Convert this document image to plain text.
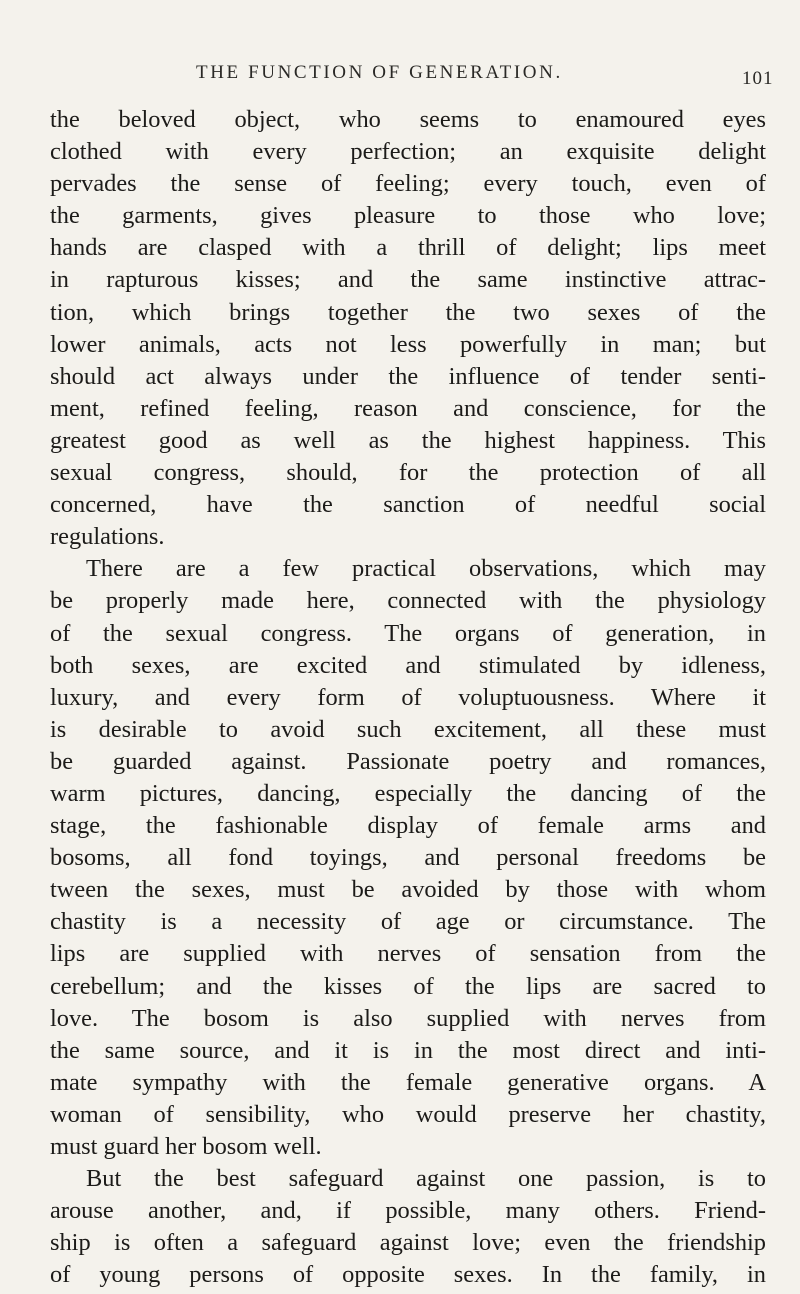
THE FUNCTION OF GENERATION.	101
the beloved object, who seems to enamoured eyes
clothed with every perfection; an exquisite delight
pervades the sense of feeling; every touch, even of
the garments, gives pleasure to those who love;
hands are clasped with a thrill of delight; lips meet
in rapturous kisses; and the same instinctive attrac-
tion, which brings together the two sexes of the
lower animals, acts not less powerfully in man; but
should act always under the influence of tender senti-
ment, refined feeling, reason and conscience, for the
greatest good as well as the highest happiness. This
sexual congress, should, for the protection of all
concerned, have the sanction of needful social
regulations.
There are a few practical observations, which may
be properly made here, connected with the physiology
of the sexual congress. The organs of generation, in
both sexes, are excited and stimulated by idleness,
luxury, and every form of voluptuousness. Where it
is desirable to avoid such excitement, all these must
be guarded against. Passionate poetry and romances,
warm pictures, dancing, especially the dancing of the
stage, the fashionable display of female arms and
bosoms, all fond toyings, and personal freedoms be
tween the sexes, must be avoided by those with whom
chastity is a necessity of age or circumstance. The
lips are supplied with nerves of sensation from the
cerebellum; and the kisses of the lips are sacred to
love. The bosom is also supplied with nerves from
the same source, and it is in the most direct and inti-
mate sympathy with the female generative organs. A
woman of sensibility, who would preserve her chastity,
must guard her bosom well.
But the best safeguard against one passion, is to
arouse another, and, if possible, many others. Friend-
ship is often a safeguard against love; even the friendship
of young persons of opposite sexes. In the family, in
